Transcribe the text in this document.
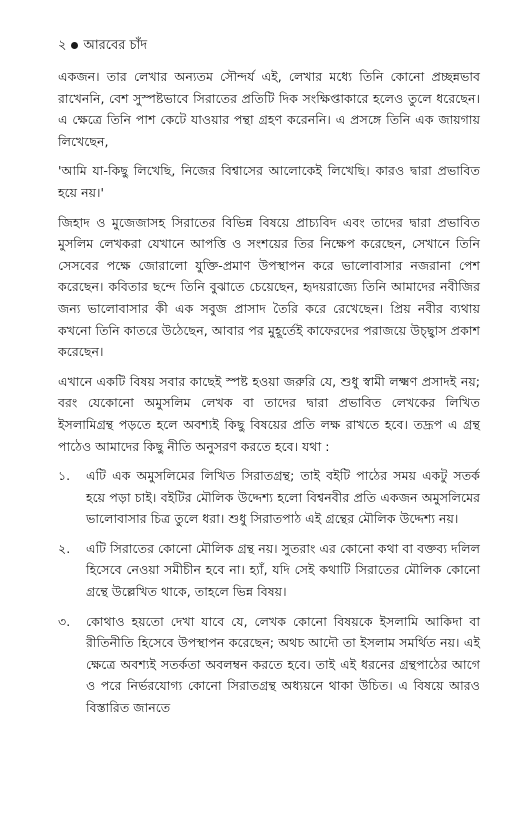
২ আরবের চাঁদ

একজন। তার লেখার অন্যতম সৌন্দর্য এই, লেখার মধ্যে তিনি কোনো প্রচ্ছন্নভাব রাখেননি, বেশ সুস্পষ্টভাবে সিরাতের প্রতিটি দিক সংক্ষিপ্তাকারে হলেও তুলে ধরেছেন। এ ক্ষেত্রে তিনি পাশ কেটে যাওয়ার পন্থা গ্রহণ করেননি। এ প্রসঙ্গে তিনি এক জায়গায় লিখেছেন,

'আমি যা-কিছু লিখেছি, নিজের বিশ্বাসের আলোকেই লিখেছি। কারও দ্বারা প্রভাবিত হয়ে নয়।'

জিহাদ ও মুজেজাসহ সিরাতের বিভিন্ন বিষয়ে প্রাচ্যবিদ এবং তাদের দ্বারা প্রভাবিত মুসলিম লেখকরা যেখানে আপত্তি ও সংশয়ের তির নিক্ষেপ করেছেন, সেখানে তিনি সেসবের পক্ষে জোরালো যুক্তি-প্রমাণ উপস্থাপন করে ভালোবাসার নজরানা পেশ করেছেন। কবিতার ছন্দে তিনি বুঝাতে চেয়েছেন, হৃদয়রাজ্যে তিনি আমাদের নবীজির জন্য ভালোবাসার কী এক সবুজ প্রাসাদ তৈরি করে রেখেছেন। প্রিয় নবীর ব্যথায় কখনো তিনি কাতরে উঠেছেন, আবার পর মুহূর্তেই কাফেরদের পরাজয়ে উচ্ছ্বাস প্রকাশ করেছেন।

এখানে একটি বিষয় সবার কাছেই স্পষ্ট হওয়া জরুরি যে, শুধু স্বামী লক্ষ্মণ প্রসাদই নয়; বরং যেকোনো অমুসলিম লেখক বা তাদের দ্বারা প্রভাবিত লেখকের লিখিত ইসলামিগ্রন্থ পড়তে হলে অবশ্যই কিছু বিষয়ের প্রতি লক্ষ রাখতে হবে। তদ্রূপ এ গ্রন্থ পাঠেও আমাদের কিছু নীতি অনুসরণ করতে হবে। যথা :

১. এটি এক অমুসলিমের লিখিত সিরাতগ্রন্থ; তাই বইটি পাঠের সময় একটু সতর্ক হয়ে পড়া চাই। বইটির মৌলিক উদ্দেশ্য হলো বিশ্বনবীর প্রতি একজন অমুসলিমের ভালোবাসার চিত্র তুলে ধরা। শুধু সিরাতপাঠ এই গ্রন্থের মৌলিক উদ্দেশ্য নয়।
২. এটি সিরাতের কোনো মৌলিক গ্রন্থ নয়। সুতরাং এর কোনো কথা বা বক্তব্য দলিল হিসেবে নেওয়া সমীচীন হবে না। হ্যাঁ, যদি সেই কথাটি সিরাতের মৌলিক কোনো গ্রন্থে উল্লেখিত থাকে, তাহলে ভিন্ন বিষয়।
৩. কোথাও হয়তো দেখা যাবে যে, লেখক কোনো বিষয়কে ইসলামি আকিদা বা রীতিনীতি হিসেবে উপস্থাপন করেছেন; অথচ আদৌ তা ইসলাম সমর্থিত নয়। এই ক্ষেত্রে অবশ্যই সতর্কতা অবলম্বন করতে হবে। তাই এই ধরনের গ্রন্থপাঠের আগে ও পরে নির্ভরযোগ্য কোনো সিরাতগ্রন্থ অধ্যয়নে থাকা উচিত। এ বিষয়ে আরও বিস্তারিত জানতে
